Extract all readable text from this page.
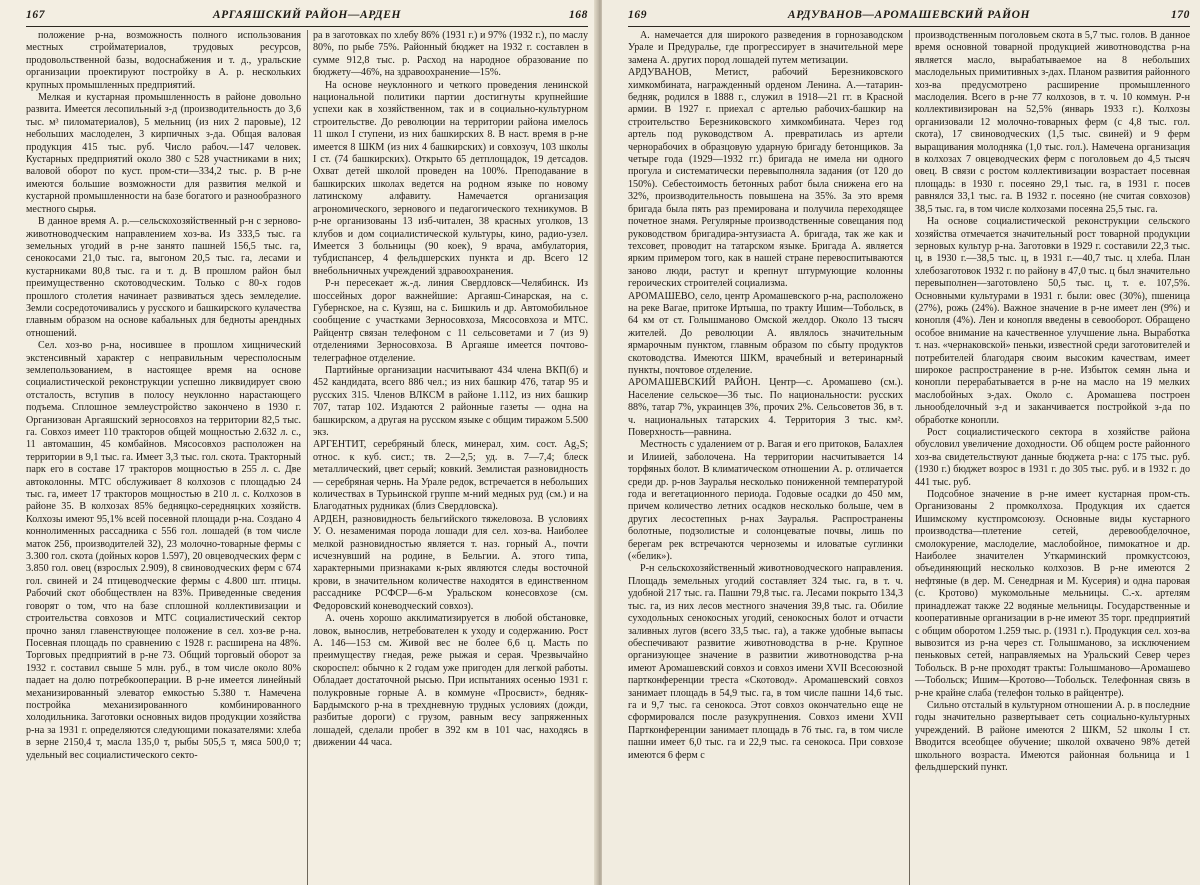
167	АРГАЯШСКИЙ РАЙОН—АРДЕН	168

положение р-на, возможность полного использования местных стройматериалов, трудовых ресурсов, продовольственной базы, водоснабжения и т. д., уральские организации проектируют постройку в А. р. нескольких крупных промышленных предприятий.

Мелкая и кустарная промышленность в районе довольно развита. Имеется лесопильный з-д (производительность до 3,6 тыс. м³ пиломатериалов), 5 мельниц (из них 2 паровые), 12 небольших маслоделен, 3 кирпичных з-да. Общая валовая продукция 415 тыс. руб. Число рабоч.—147 человек. Кустарных предприятий около 380 с 528 участниками в них; валовой оборот по куст. пром-сти—334,2 тыс. р. В р-не имеются большие возможности для развития мелкой и кустарной промышленности на базе богатого и разнообразного местного сырья.

В данное время А. р.—сельскохозяйственный р-н с зерново-животноводческим направлением хоз-ва. Из 333,5 тыс. га земельных угодий в р-не занято пашней 156,5 тыс. га, сенокосами 21,0 тыс. га, выгоном 20,5 тыс. га, лесами и кустарниками 80,8 тыс. га и т. д. В прошлом район был преимущественно скотоводческим. Только с 80-х годов прошлого столетия начинает развиваться здесь земледелие. Земли сосредоточивались у русского и башкирского кулачества главным образом на основе кабальных для бедноты арендных отношений.

Сел. хоз-во р-на, носившее в прошлом хищнический экстенсивный характер с неправильным чересполосным землепользованием, в настоящее время на основе социалистической реконструкции успешно ликвидирует свою отсталость, вступив в полосу неуклонно нарастающего подъема. Сплошное землеустройство закончено в 1930 г. Организован Аргаяшский зерносовхоз на территории 82,5 тыс. га. Совхоз имеет 110 тракторов общей мощностью 2.632 л. с., 11 автомашин, 45 комбайнов. Мясосовхоз расположен на территории в 9,1 тыс. га. Имеет 3,3 тыс. гол. скота. Тракторный парк его в составе 17 тракторов мощностью в 255 л. с. Две автоколонны. МТС обслуживает 8 колхозов с площадью 24 тыс. га, имеет 17 тракторов мощностью в 210 л. с. Колхозов в районе 35. В колхозах 85% бедняцко-середняцких хозяйств. Колхозы имеют 95,1% всей посевной площади р-на. Создано 4 коннолименных рассадника с 556 гол. лошадей (в том числе маток 256, производителей 32), 23 молочно-товарные фермы с 3.300 гол. скота (дойных коров 1.597), 20 овцеводческих ферм с 3.850 гол. овец (взрослых 2.909), 8 свиноводческих ферм с 674 гол. свиней и 24 птицеводческие фермы с 4.800 шт. птицы. Рабочий скот обобществлен на 83%. Приведенные сведения говорят о том, что на базе сплошной коллективизации и строительства совхозов и МТС социалистический сектор прочно занял главенствующее положение в сел. хоз-ве р-на. Посевная площадь по сравнению с 1928 г. расширена на 48%. Торговых предприятий в р-не 73. Общий торговый оборот за 1932 г. составил свыше 5 млн. руб., в том числе около 80% падает на долю потребкооперации. В р-не имеется линейный механизированный элеватор емкостью 5.380 т. Намечена постройка механизированного комбинированного холодильника. Заготовки основных видов продукции хозяйства р-на за 1931 г. определяются следующими показателями: хлеба в зерне 2150,4 т, масла 135,0 т, рыбы 505,5 т, мяса 500,0 т; удельный вес социалистического секто-

ра в заготовках по хлебу 86% (1931 г.) и 97% (1932 г.), по маслу 80%, по рыбе 75%. Районный бюджет на 1932 г. составлен в сумме 912,8 тыс. р. Расход на народное образование по бюджету—46%, на здравоохранение—15%.

На основе неуклонного и четкого проведения ленинской национальной политики партии достигнуты крупнейшие успехи как в хозяйственном, так и в социально-культурном строительстве. До революции на территории района имелось 11 школ I ступени, из них башкирских 8. В наст. время в р-не имеется 8 ШКМ (из них 4 башкирских) и совхозуч, 103 школы I ст. (74 башкирских). Открыто 65 детплощадок, 19 детсадов. Охват детей школой проведен на 100%. Преподавание в башкирских школах ведется на родном языке по новому латинскому алфавиту. Намечается организация агрономического, зернового и педагогического техникумов. В р-не организованы 13 изб-читален, 38 красных уголков, 13 клубов и дом социалистической культуры, кино, радио-узел. Имеется 3 больницы (90 коек), 9 врача, амбулатория, тубдиспансер, 4 фельдшерских пункта и др. Всего 12 внебольничных учреждений здравоохранения.

Р-н пересекает ж.-д. линия Свердловск—Челябинск. Из шоссейных дорог важнейшие: Аргаяш-Синарская, на с. Губернское, на с. Кузяш, на с. Бишкиль и др. Автомобильное сообщение с участками Зерносовхоза, Мясосовхоза и МТС. Райцентр связан телефоном с 11 сельсоветами и 7 (из 9) отделениями Зерносовхоза. В Аргаяше имеется почтово-телеграфное отделение.

Партийные организации насчитывают 434 члена ВКП(б) и 452 кандидата, всего 886 чел.; из них башкир 476, татар 95 и русских 315. Членов ВЛКСМ в районе 1.112, из них башкир 707, татар 102. Издаются 2 районные газеты — одна на башкирском, а другая на русском языке с общим тиражом 5.500 экз.

АРГЕНТИТ, серебряный блеск, минерал, хим. сост. Ag₂S; относ. к куб. сист.; тв. 2—2,5; уд. в. 7—7,4; блеск металлический, цвет серый; ковкий. Землистая разновидность — серебряная чернь. На Урале редок, встречается в небольших количествах в Турьинской группе м-ний медных руд (см.) и на Благодатных рудниках (близ Свердловска).

АРДЕН, разновидность бельгийского тяжеловоза. В условиях У. О. незаменимая порода лошади для сел. хоз-ва. Наиболее мелкой разновидностью является т. наз. горный А., почти исчезнувший на родине, в Бельгии. А. этого типа, характерными признаками к-рых являются следы восточной крови, в значительном количестве находятся в единственном рассаднике РСФСР—6-м Уральском конесовхозе (см. Федоровский коневодческий совхоз).

А. очень хорошо акклиматизируется в любой обстановке, ловок, вынослив, нетребователен к уходу и содержанию. Рост А. 146—153 см. Живой вес не более 6,6 ц. Масть по преимуществу гнедая, реже рыжая и серая. Чрезвычайно скороспел: обычно к 2 годам уже пригоден для легкой работы. Обладает достаточной рысью. При испытаниях осенью 1931 г. полукровные горные А. в коммуне «Просвист», бедняк-Бардымского р-на в трехдневную трудных условиях (дожди, разбитые дороги) с грузом, равным весу запряженных лошадей, сделали пробег в 392 км в 101 час, находясь в движении 44 часа.

169	АРДУВАНОВ—АРОМАШЕВСКИЙ РАЙОН	170

А. намечается для широкого разведения в горнозаводском Урале и Предуралье, где прогрессирует в значительной мере замена А. других пород лошадей путем метизации.

АРДУВАНОВ, Метист, рабочий Березниковского химкомбината, награжденный орденом Ленина. А.—татарин-бедняк, родился в 1888 г., служил в 1918—21 гг. в Красной армии. В 1927 г. приехал с артелью рабочих-башкир на строительство Березниковского химкомбината. Через год артель под руководством А. превратилась из артели чернорабочих в образцовую ударную бригаду бетонщиков. За четыре года (1929—1932 гг.) бригада не имела ни одного прогула и систематически перевыполняла задания (от 120 до 150%). Себестоимость бетонных работ была снижена его на 32%, производительность повышена на 35%. За это время бригада была пять раз премирована и получила переходящее почетное знамя. Регулярные производственные совещания под руководством бригадира-энтузиаста А. бригада, так же как и техсовет, проводит на татарском языке. Бригада А. является ярким примером того, как в нашей стране перевоспитываются заново люди, растут и крепнут штурмующие колонны героических строителей социализма.

АРОМАШЕВО, село, центр Аромашевского р-на, расположено на реке Вагае, притоке Иртыша, по тракту Ишим—Тобольск, в 64 км от ст. Голышманово Омской желдор. Около 13 тысяч жителей. До революции А. являлось значительным ярмарочным пунктом, главным образом по сбыту продуктов скотоводства. Имеются ШКМ, врачебный и ветеринарный пункты, почтовое отделение.

АРОМАШЕВСКИЙ РАЙОН. Центр—с. Аромашево (см.). Население сельское—36 тыс. По национальности: русских 88%, татар 7%, украинцев 3%, прочих 2%. Сельсоветов 36, в т. ч. национальных татарских 4. Территория 3 тыс. км². Поверхность—равнина.

Местность с удалением от р. Вагая и его притоков, Балахлея и Илиией, заболочена. На территории насчитывается 14 торфяных болот. В климатическом отношении А. р. отличается среди др. р-нов Зауралья несколько пониженной температурой года и вегетационного периода. Годовые осадки до 450 мм, причем количество летних осадков несколько больше, чем в других лесостепных р-нах Зауралья. Распространены болотные, подзолистые и солонцеватые почвы, лишь по берегам рек встречаются черноземы и иловатые суглинки («белик»).

Р-н сельскохозяйственный животноводческого направления. Площадь земельных угодий составляет 324 тыс. га, в т. ч. удобной 217 тыс. га. Пашни 79,8 тыс. га. Лесами покрыто 134,3 тыс. га, из них лесов местного значения 39,8 тыс. га. Обилие суходольных сенокосных угодий, сенокосных болот и отчасти заливных лугов (всего 33,5 тыс. га), а также удобные выпасы обеспечивают развитие животноводства в р-не. Крупное организующее значение в развитии животноводства р-на имеют Аромашевский совхоз и совхоз имени XVII Всесоюзной партконференции треста «Скотовод». Аромашевский совхоз занимает площадь в 54,9 тыс. га, в том числе пашни 14,6 тыс. га и 9,7 тыс. га сенокоса. Этот совхоз окончательно еще не сформировался после разукрупнения. Совхоз имени XVII Партконференции занимает площадь в 76 тыс. га, в том числе пашни имеет 6,0 тыс. га и 22,9 тыс. га сенокоса. При совхозе имеются 6 ферм с

производственным поголовьем скота в 5,7 тыс. голов. В данное время основной товарной продукцией животноводства р-на является масло, вырабатываемое на 8 небольших маслодельных примитивных з-дах. Планом развития районного хоз-ва предусмотрено расширение промышленного маслоделия. Всего в р-не 77 колхозов, в т. ч. 10 коммун. Р-н коллективизирован на 52,5% (январь 1933 г.). Колхозы организовали 12 молочно-товарных ферм (с 4,8 тыс. гол. скота), 17 свиноводческих (1,5 тыс. свиней) и 9 ферм выращивания молодняка (1,0 тыс. гол.). Намечена организация в колхозах 7 овцеводческих ферм с поголовьем до 4,5 тысяч овец. В связи с ростом коллективизации возрастает посевная площадь: в 1930 г. посеяно 29,1 тыс. га, в 1931 г. посев равнялся 33,1 тыс. га. В 1932 г. посеяно (не считая совхозов) 38,5 тыс. га, в том числе колхозами посеяна 25,5 тыс. га.

На основе социалистической реконструкции сельского хозяйства отмечается значительный рост товарной продукции зерновых культур р-на. Заготовки в 1929 г. составили 22,3 тыс. ц, в 1930 г.—38,5 тыс. ц, в 1931 г.—40,7 тыс. ц хлеба. План хлебозаготовок 1932 г. по району в 47,0 тыс. ц был значительно перевыполнен—заготовлено 50,5 тыс. ц, т. е. 107,5%. Основными культурами в 1931 г. были: овес (30%), пшеница (27%), рожь (24%). Важное значение в р-не имеет лен (9%) и конопля (4%). Лен и конопля введены в севооборот. Обращено особое внимание на качественное улучшение льна. Выработка т. наз. «чернаковской» пеньки, известной среди заготовителей и потребителей благодаря своим высоким качествам, имеет широкое распространение в р-не. Избыток семян льна и конопли перерабатывается в р-не на масло на 19 мелких маслобойных з-дах. Около с. Аромашева построен льнообделочный з-д и заканчивается постройкой з-да по обработке конопли.

Рост социалистического сектора в хозяйстве района обусловил увеличение доходности. Об общем росте районного хоз-ва свидетельствуют данные бюджета р-на: с 175 тыс. руб. (1930 г.) бюджет возрос в 1931 г. до 305 тыс. руб. и в 1932 г. до 441 тыс. руб.

Подсобное значение в р-не имеет кустарная пром-сть. Организованы 2 промколхоза. Продукция их сдается Ишимскому кустпромсоюзу. Основные виды кустарного производства—плетение сетей, деревообделочное, смолокурение, маслоделие, маслобойное, пимокатное и др. Наиболее значителен Уткарминский промкустсоюз, объединяющий несколько колхозов. В р-не имеются 2 нефтяные (в дер. М. Сенедрная и М. Кусерия) и одна паровая (с. Кротово) мукомольные мельницы. С.-х. артелям принадлежат также 22 водяные мельницы. Государственные и кооперативные организации в р-не имеют 35 торг. предприятий с общим оборотом 1.259 тыс. р. (1931 г.). Продукция сел. хоз-ва вывозится из р-на через ст. Голышманово, за исключением пеньковых сетей, направляемых на Уральский Север через Тобольск. В р-не проходят тракты: Голышманово—Аромашево—Тобольск; Ишим—Кротово—Тобольск. Телефонная связь в р-не крайне слаба (телефон только в райцентре).

Сильно отсталый в культурном отношении А. р. в последние годы значительно развертывает сеть социально-культурных учреждений. В районе имеются 2 ШКМ, 52 школы I ст. Вводится всеобщее обучение; школой охвачено 98% детей школьного возраста. Имеются районная больница и 1 фельдшерский пункт.
